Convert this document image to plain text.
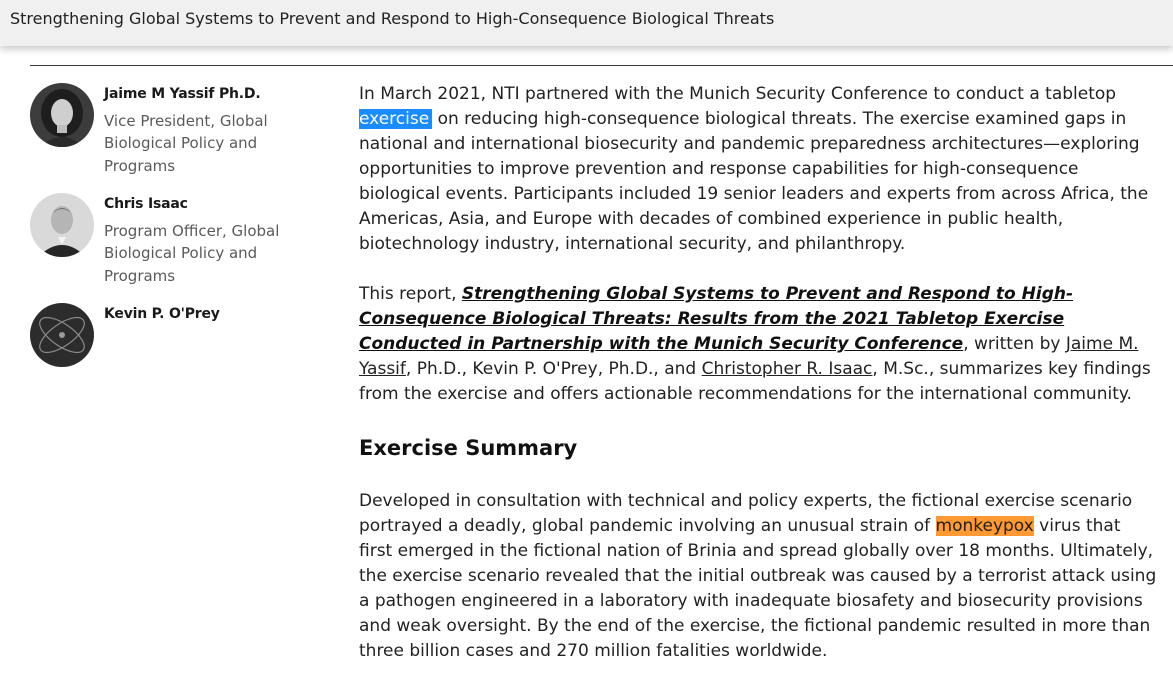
Strengthening Global Systems to Prevent and Respond to High-Consequence Biological Threats
Jaime M Yassif Ph.D.
Vice President, Global Biological Policy and Programs
Chris Isaac
Program Officer, Global Biological Policy and Programs
Kevin P. O'Prey

In March 2021, NTI partnered with the Munich Security Conference to conduct a tabletop exercise on reducing high-consequence biological threats. The exercise examined gaps in national and international biosecurity and pandemic preparedness architectures—exploring opportunities to improve prevention and response capabilities for high-consequence biological events. Participants included 19 senior leaders and experts from across Africa, the Americas, Asia, and Europe with decades of combined experience in public health, biotechnology industry, international security, and philanthropy.

This report, Strengthening Global Systems to Prevent and Respond to High-Consequence Biological Threats: Results from the 2021 Tabletop Exercise Conducted in Partnership with the Munich Security Conference, written by Jaime M. Yassif, Ph.D., Kevin P. O'Prey, Ph.D., and Christopher R. Isaac, M.Sc., summarizes key findings from the exercise and offers actionable recommendations for the international community.

Exercise Summary

Developed in consultation with technical and policy experts, the fictional exercise scenario portrayed a deadly, global pandemic involving an unusual strain of monkeypox virus that first emerged in the fictional nation of Brinia and spread globally over 18 months. Ultimately, the exercise scenario revealed that the initial outbreak was caused by a terrorist attack using a pathogen engineered in a laboratory with inadequate biosafety and biosecurity provisions and weak oversight. By the end of the exercise, the fictional pandemic resulted in more than three billion cases and 270 million fatalities worldwide.
